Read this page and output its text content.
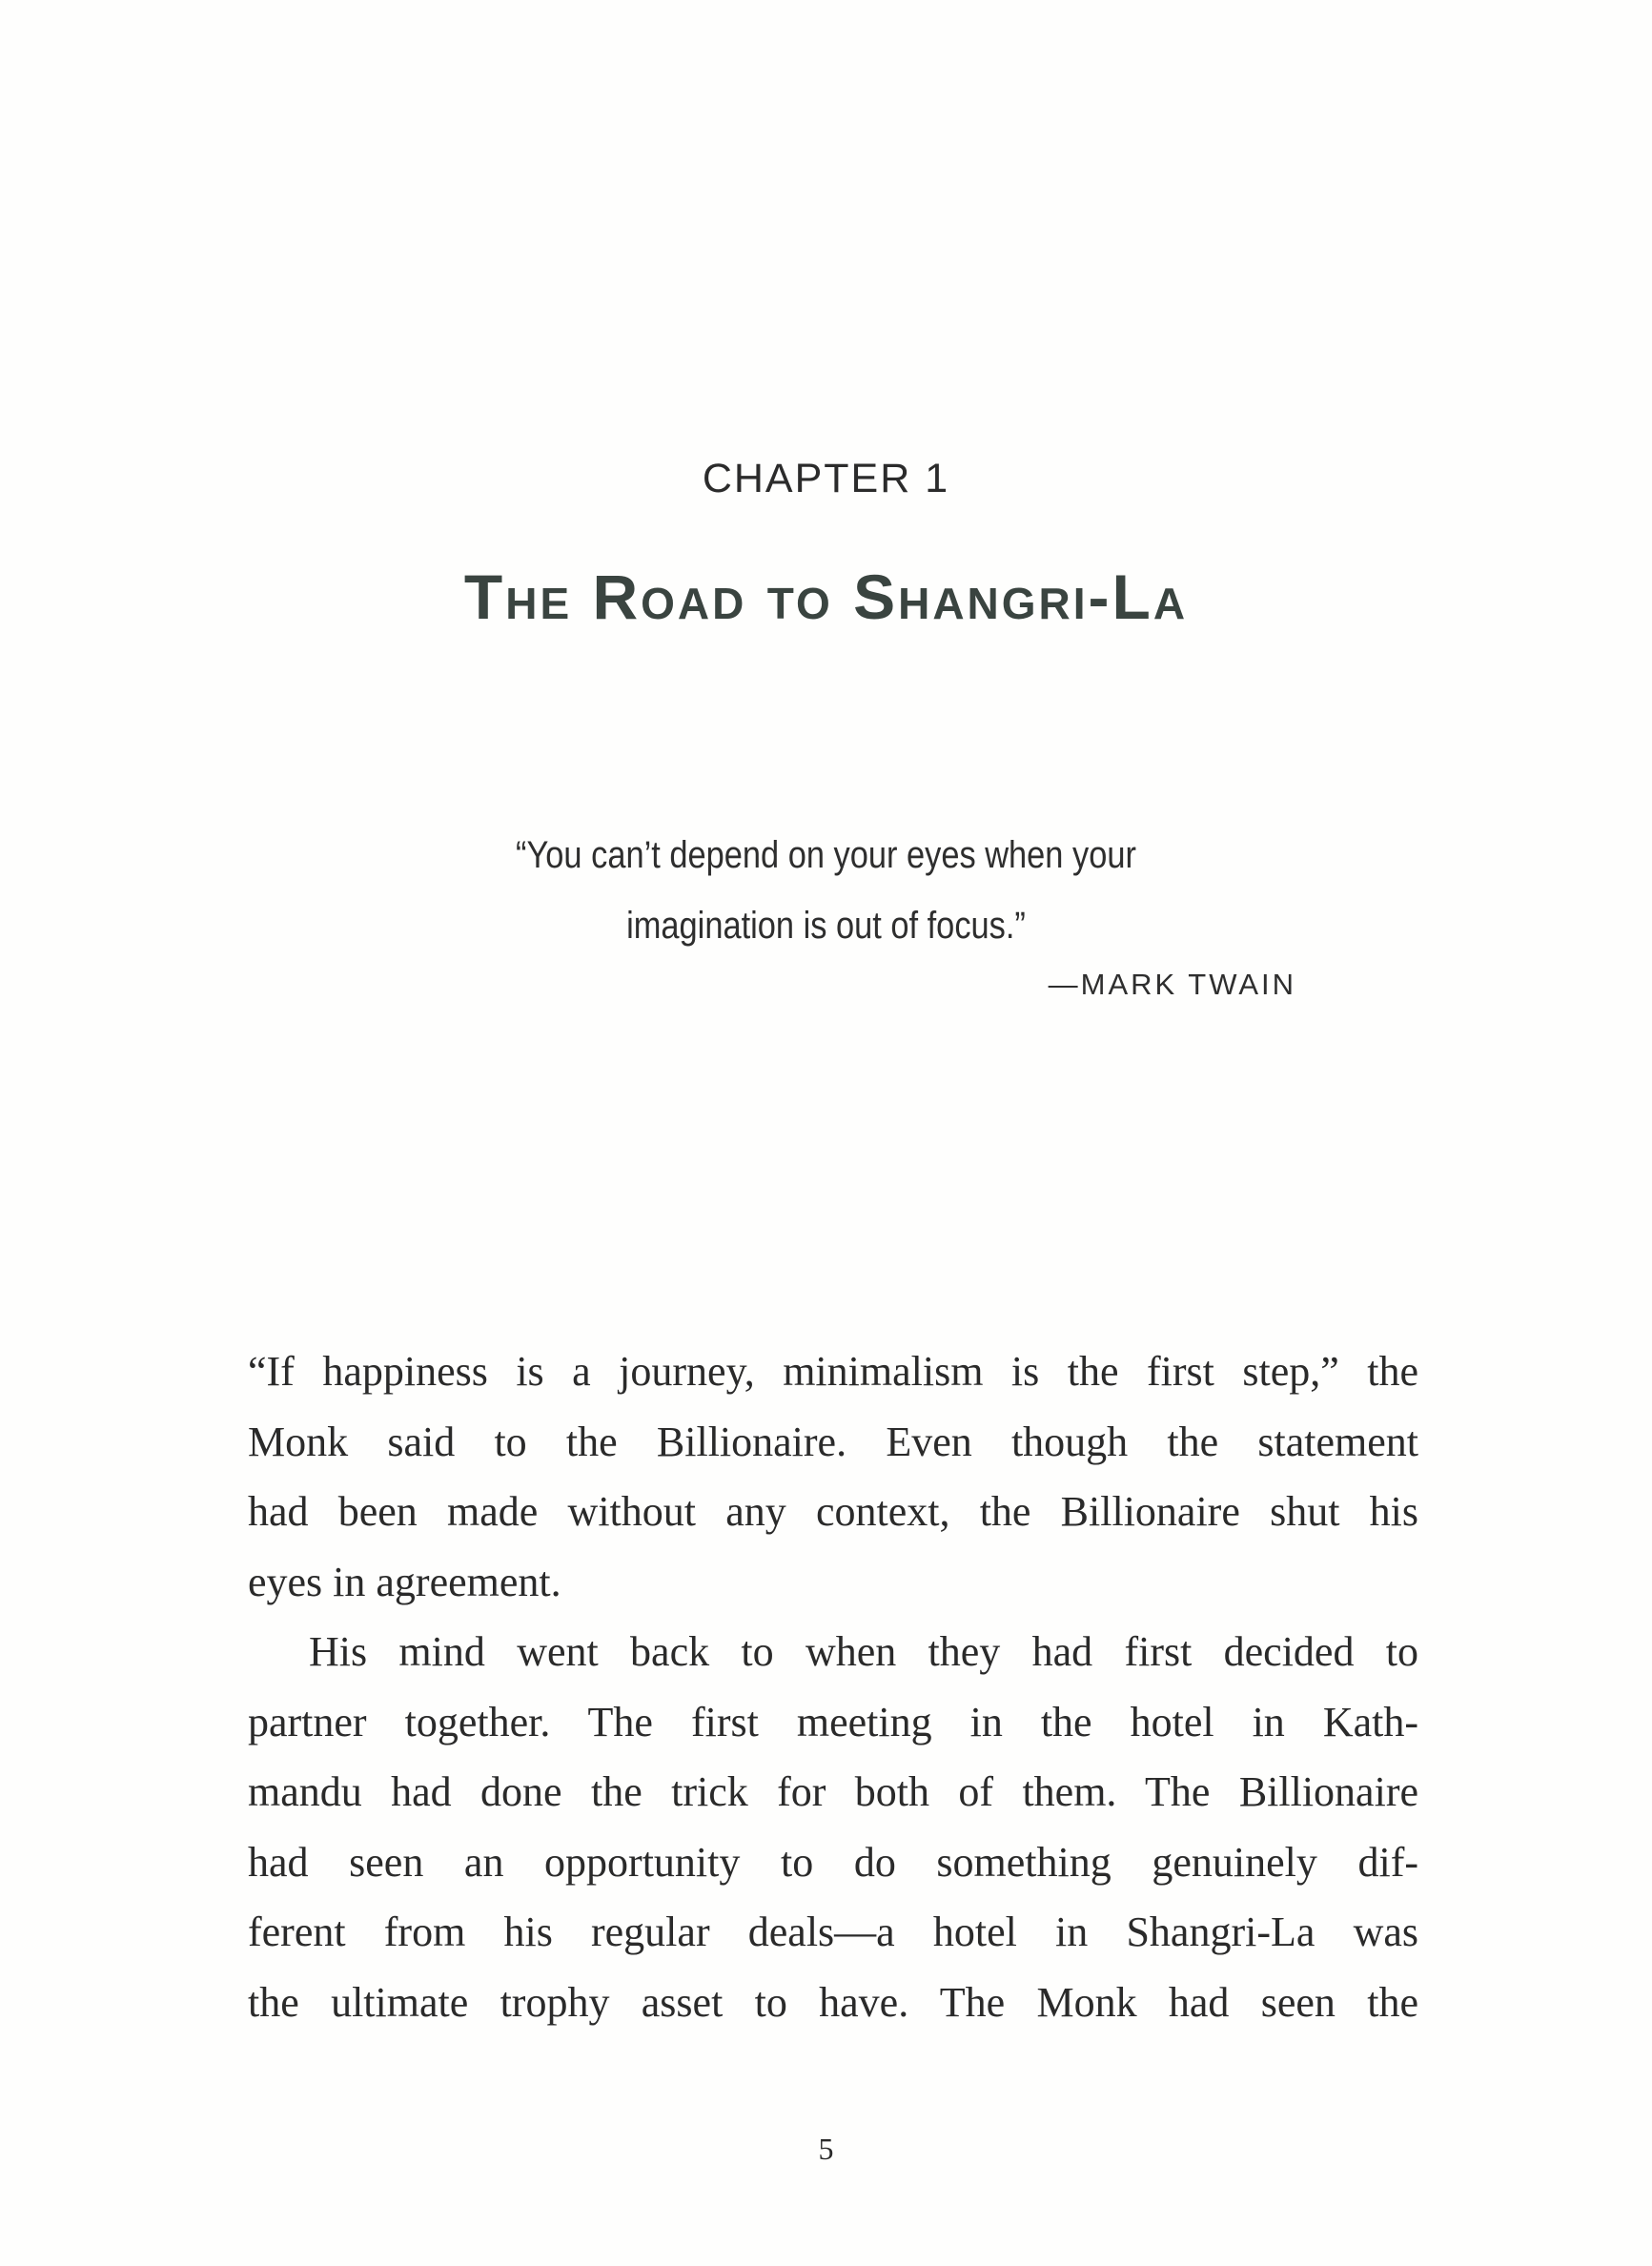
CHAPTER 1
The Road to Shangri-La
“You can’t depend on your eyes when your
imagination is out of focus.”
—MARK TWAIN
“If happiness is a journey, minimalism is the first step,” the
Monk said to the Billionaire. Even though the statement
had been made without any context, the Billionaire shut his
eyes in agreement.
His mind went back to when they had first decided to
partner together. The first meeting in the hotel in Kath-
mandu had done the trick for both of them. The Billionaire
had seen an opportunity to do something genuinely dif-
ferent from his regular deals—a hotel in Shangri-La was
the ultimate trophy asset to have. The Monk had seen the
5
